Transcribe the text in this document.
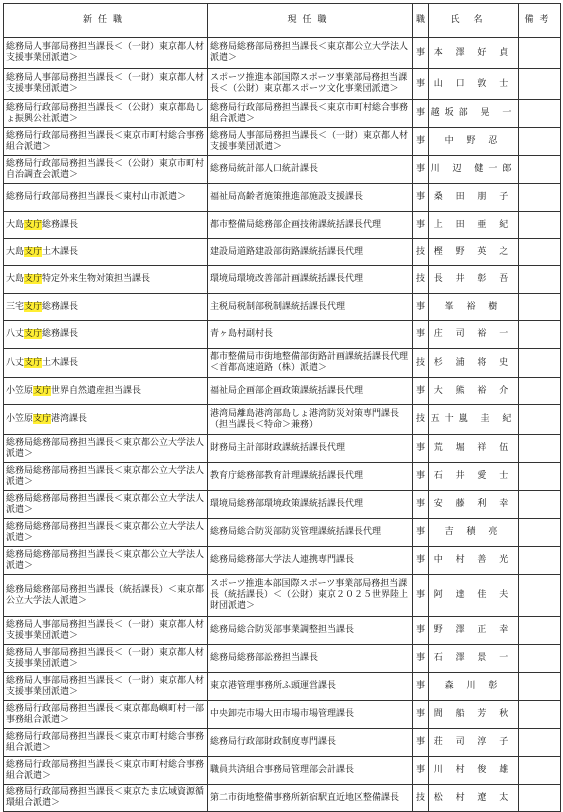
新任職	現任職	職	氏名	備考
総務局人事部局務担当課長＜（一財）東京都人材支援事業団派遣＞	総務局総務部局務担当課長＜東京都公立大学法人派遣＞	事	本 澤 好 貞	
総務局人事部局務担当課長＜（一財）東京都人材支援事業団派遣＞	スポーツ推進本部国際スポーツ事業部局務担当課長＜（公財）東京都スポーツ文化事業団派遣＞	事	山 口 敦 士	
総務局行政部局務担当課長＜（公財）東京都島しょ振興公社派遣＞	総務局行政部局務担当課長＜東京市町村総合事務組合派遣＞	事	越坂部 晃 一	
総務局行政部局務担当課長＜東京市町村総合事務組合派遣＞	総務局人事部局務担当課長＜（一財）東京都人材支援事業団派遣＞	事	中 野 忍	
総務局行政部局務担当課長＜（公財）東京市町村自治調査会派遣＞	総務局統計部人口統計課長	事	川 辺 健一郎	
総務局行政部局務担当課長＜東村山市派遣＞	福祉局高齢者施策推進部施設支援課長	事	桑 田 朋 子	
大島支庁総務課長	都市整備局総務部企画技術課統括課長代理	事	上 田 亜 紀	
大島支庁土木課長	建設局道路建設部街路課統括課長代理	技	樫 野 英 之	
大島支庁特定外来生物対策担当課長	環境局環境改善部計画課統括課長代理	技	長 井 彰 吾	
三宅支庁総務課長	主税局税制部税制課統括課長代理	事	峯 裕 樹	
八丈支庁総務課長	青ヶ島村副村長	事	庄 司 裕 一	
八丈支庁土木課長	都市整備局市街地整備部街路計画課統括課長代理＜首都高速道路（株）派遣＞	技	杉 浦 将 史	
小笠原支庁世界自然遺産担当課長	福祉局企画部企画政策課統括課長代理	事	大 熊 裕 介	
小笠原支庁港湾課長	港湾局離島港湾部島しょ港湾防災対策専門課長（担当課長＜特命＞兼務）	技	五十嵐 圭 紀	
総務局総務部局務担当課長＜東京都公立大学法人派遣＞	財務局主計部財政課統括課長代理	事	荒 堀 祥 伍	
総務局総務部局務担当課長＜東京都公立大学法人派遣＞	教育庁総務部教育計理課統括課長代理	事	石 井 愛 士	
総務局総務部局務担当課長＜東京都公立大学法人派遣＞	環境局総務部環境政策課統括課長代理	事	安 藤 利 幸	
総務局総務部局務担当課長＜東京都公立大学法人派遣＞	総務局総合防災部防災管理課統括課長代理	事	吉 積 亮	
総務局総務部局務担当課長＜東京都公立大学法人派遣＞	総務局総務部大学法人連携専門課長	事	中 村 善 光	
総務局総務部局務担当課長（統括課長）＜東京都公立大学法人派遣＞	スポーツ推進本部国際スポーツ事業部局務担当課長（統括課長）＜（公財）東京２０２５世界陸上財団派遣＞	事	阿 達 佳 夫	
総務局人事部局務担当課長＜（一財）東京都人材支援事業団派遣＞	総務局総合防災部事業調整担当課長	事	野 澤 正 幸	
総務局人事部局務担当課長＜（一財）東京都人材支援事業団派遣＞	総務局総務部訟務担当課長	事	石 澤 景 一	
総務局人事部局務担当課長＜（一財）東京都人材支援事業団派遣＞	東京港管理事務所ふ頭運営課長	事	森 川 彰	
総務局行政部局務担当課長＜東京都島嶼町村一部事務組合派遣＞	中央卸売市場大田市場市場管理課長	事	間 船 芳 秋	
総務局行政部局務担当課長＜東京市町村総合事務組合派遣＞	総務局行政部財政制度専門課長	事	荘 司 淳 子	
総務局行政部局務担当課長＜東京市町村総合事務組合派遣＞	職員共済組合事務局管理部会計課長	事	川 村 俊 雄	
総務局行政部局務担当課長＜東京たま広域資源循環組合派遣＞	第二市街地整備事務所新宿駅直近地区整備課長	技	松 村 遼 太	
